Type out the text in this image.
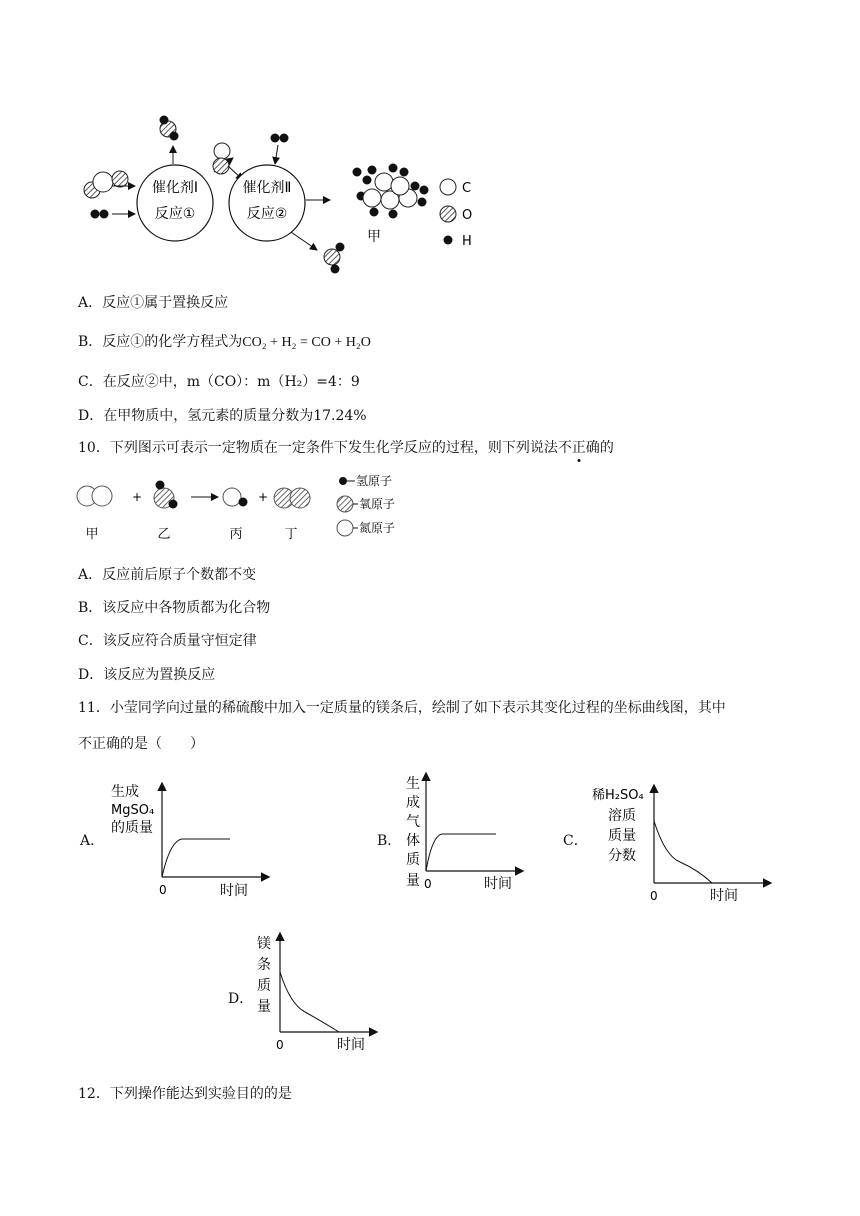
催化剂Ⅰ
反应①
催化剂Ⅱ
反应②
甲
C
O
H
A．反应①属于置换反应
B．反应①的化学方程式为CO₂ + H₂ = CO + H₂O
C．在反应②中，m（CO）：m（H₂）=4：9
D．在甲物质中，氢元素的质量分数为17.24%
10．下列图示可表示一定物质在一定条件下发生化学反应的过程，则下列说法不正确的
+	+
甲	乙	丙	丁
氢原子
氧原子
氮原子
A．反应前后原子个数都不变
B．该反应中各物质都为化合物
C．该反应符合质量守恒定律
D．该反应为置换反应
11．小莹同学向过量的稀硫酸中加入一定质量的镁条后，绘制了如下表示其变化过程的坐标曲线图，其中
不正确的是（　　）
A．
生成
MgSO₄
的质量
0	时间
B．
生
成
气
体
质
量 0	时间
C．
稀H₂SO₄
溶质
质量
分数
0	时间
D．
镁
条
质
量
0	时间
12．下列操作能达到实验目的的是
